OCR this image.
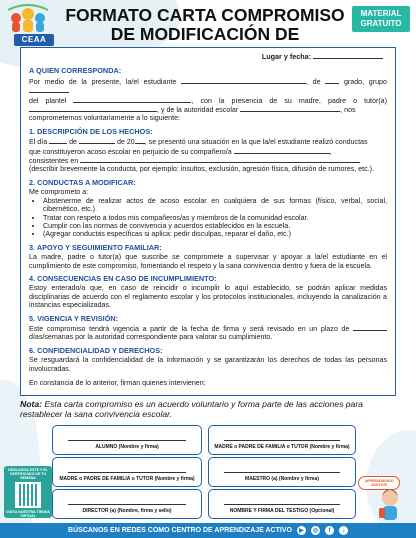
CEAA
FORMATO CARTA COMPROMISO
DE MODIFICACIÓN DE
MATERIAL
GRATUITO
Lugar y fecha:
A QUIEN CORRESPONDA:
Por medio de la presente, la/el estudiante	, de	grado, grupo
del plantel	, con la presencia de su madre, padre o tutor(a) , y de la autoridad escolar	, nos
comprometemos voluntariamente a lo siguiente:
1. DESCRIPCIÓN DE LOS HECHOS:
El día	de	de 20 , se presentó una situación en la que la/el estudiante realizó conductas
que constituyeron acoso escolar en perjuicio de su compañero/a	,
consistentes en
(describir brevemente la conducta, por ejemplo: insultos, exclusión, agresión física, difusión de rumores, etc.).
2. CONDUCTAS A MODIFICAR:
Me comprometo a:
• Abstenerme de realizar actos de acoso escolar en cualquiera de sus formas (físico, verbal, social, cibernético, etc.).
• Tratar con respeto a todos mis compañeros/as y miembros de la comunidad escolar.
• Cumplir con las normas de convivencia y acuerdos establecidos en la escuela.
• (Agregar conductas específicas si aplica: pedir disculpas, reparar el daño, etc.)
3. APOYO Y SEGUIMIENTO FAMILIAR:
La madre, padre o tutor(a) que suscribe se compromete a supervisar y apoyar a la/el estudiante en el cumplimiento de este compromiso, fomentando el respeto y la sana convivencia dentro y fuera de la escuela.
4. CONSECUENCIAS EN CASO DE INCUMPLIMIENTO:
Estoy enterado/a que, en caso de reincidir o incumplir lo aquí establecido, se podrán aplicar medidas disciplinarias de acuerdo con el reglamento escolar y los protocolos institucionales, incluyendo la canalización a instancias especializadas.
5. VIGENCIA Y REVISIÓN:
Este compromiso tendrá vigencia a partir de la fecha de firma y será revisado en un plazo de  días/semanas por la autoridad correspondiente para valorar su cumplimiento.
6. CONFIDENCIALIDAD Y DERECHOS:
Se resguardará la confidencialidad de la información y se garantizarán los derechos de todas las personas involucradas.
En constancia de lo anterior, firman quienes intervienen:
Nota: Esta carta compromiso es un acuerdo voluntario y forma parte de las acciones para restablecer la sana convivencia escolar.
ALUMNO (Nombre y firma)	MADRE o PADRE DE FAMILIA o TUTOR (Nombre y firma)
MADRE o PADRE DE FAMILIA o TUTOR (Nombre y firma)	MAESTRO (a) (Nombre y firma)
DIRECTOR (a) (Nombre, firma y sello)	NOMBRE Y FIRMA DEL TESTIGO (Opcional)
DESCARGA ESTE Y EL CERTIFICADO DE TU SEMANA
VISITA NUESTRA TIENDA VIRTUAL
¡APRENDIENDO JUNTOS!
BÚSCANOS EN REDES COMO CENTRO DE APRENDIZAJE ACTIVO	▶	◎	f	♪
